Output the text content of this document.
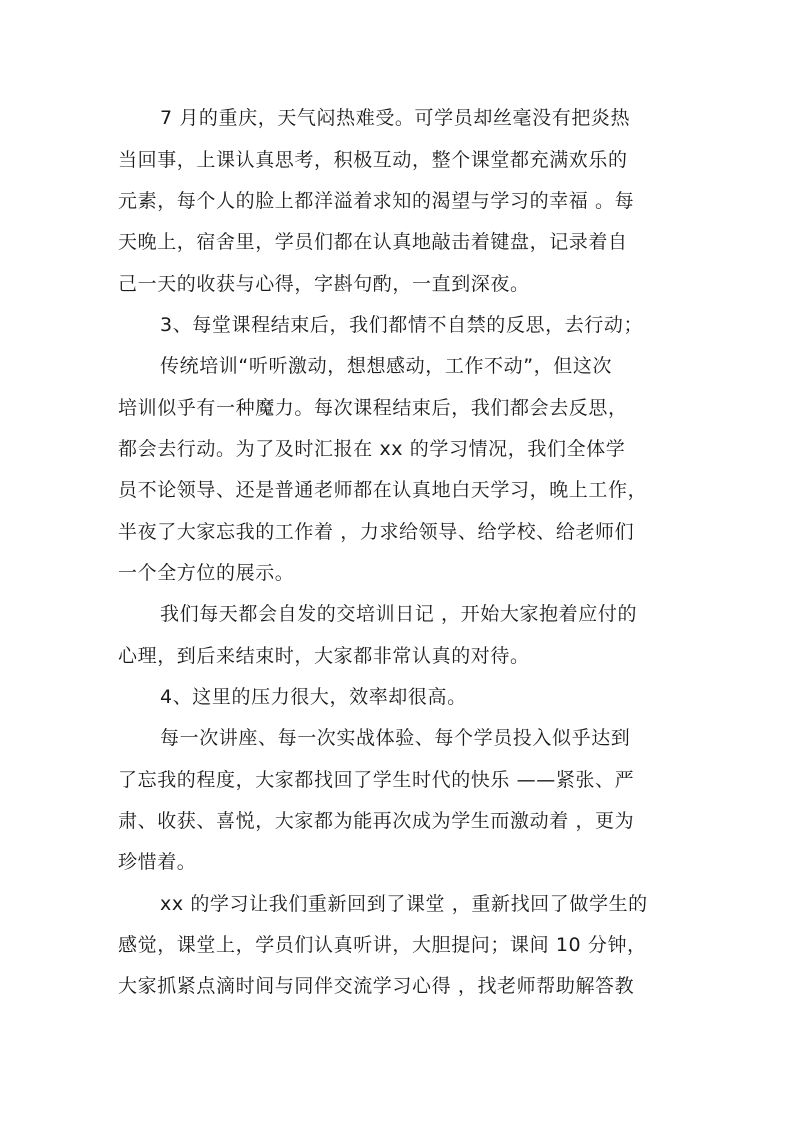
7 月的重庆，天气闷热难受。可学员却丝毫没有把炎热
当回事，上课认真思考，积极互动，整个课堂都充满欢乐的
元素，每个人的脸上都洋溢着求知的渴望与学习的幸福 。每
天晚上，宿舍里，学员们都在认真地敲击着键盘，记录着自
己一天的收获与心得，字斟句酌，一直到深夜。
3、每堂课程结束后，我们都情不自禁的反思，去行动；
传统培训“听听激动，想想感动，工作不动”，但这次
培训似乎有一种魔力。每次课程结束后，我们都会去反思，
都会去行动。为了及时汇报在 xx 的学习情况，我们全体学
员不论领导、还是普通老师都在认真地白天学习，晚上工作，
半夜了大家忘我的工作着 ，力求给领导、给学校、给老师们
一个全方位的展示。
我们每天都会自发的交培训日记 ，开始大家抱着应付的
心理，到后来结束时，大家都非常认真的对待。
4、这里的压力很大，效率却很高。
每一次讲座、每一次实战体验、每个学员投入似乎达到
了忘我的程度，大家都找回了学生时代的快乐 ——紧张、严
肃、收获、喜悦，大家都为能再次成为学生而激动着 ，更为
珍惜着。
xx 的学习让我们重新回到了课堂 ，重新找回了做学生的
感觉，课堂上，学员们认真听讲，大胆提问；课间 10 分钟，
大家抓紧点滴时间与同伴交流学习心得 ，找老师帮助解答教
